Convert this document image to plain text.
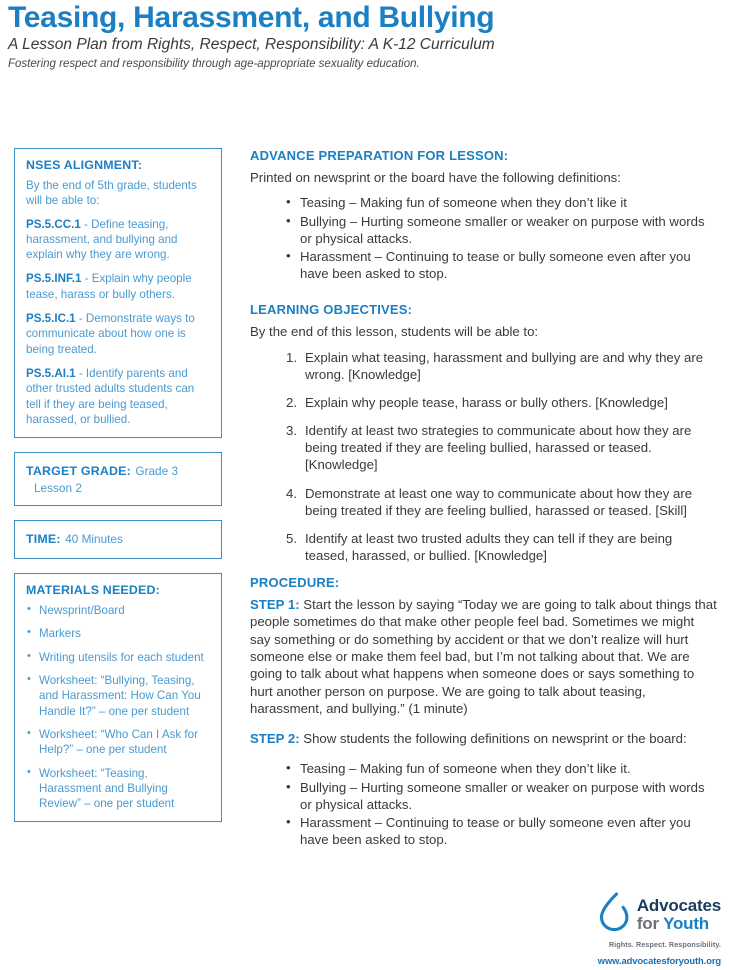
Teasing, Harassment, and Bullying
A Lesson Plan from Rights, Respect, Responsibility: A K-12 Curriculum
Fostering respect and responsibility through age-appropriate sexuality education.
NSES ALIGNMENT:
By the end of 5th grade, students will be able to:

PS.5.CC.1 - Define teasing, harassment, and bullying and explain why they are wrong.

PS.5.INF.1 - Explain why people tease, harass or bully others.

PS.5.IC.1 - Demonstrate ways to communicate about how one is being treated.

PS.5.AI.1 - Identify parents and other trusted adults students can tell if they are being teased, harassed, or bullied.

TARGET GRADE: Grade 3
Lesson 2
TIME: 40 Minutes
MATERIALS NEEDED:
• Newsprint/Board
• Markers
• Writing utensils for each student
• Worksheet: “Bullying, Teasing, and Harassment: How Can You Handle It?” – one per student
• Worksheet: “Who Can I Ask for Help?” – one per student
• Worksheet: “Teasing, Harassment and Bullying Review” – one per student
ADVANCE PREPARATION FOR LESSON:

Printed on newsprint or the board have the following definitions:

• Teasing – Making fun of someone when they don’t like it
• Bullying – Hurting someone smaller or weaker on purpose with words or physical attacks.
• Harassment – Continuing to tease or bully someone even after you have been asked to stop.
LEARNING OBJECTIVES:

By the end of this lesson, students will be able to:

Explain what teasing, harassment and bullying are and why they are wrong. [Knowledge]
Explain why people tease, harass or bully others. [Knowledge]
Identify at least two strategies to communicate about how they are being treated if they are feeling bullied, harassed or teased. [Knowledge]
Demonstrate at least one way to communicate about how they are being treated if they are feeling bullied, harassed or teased. [Skill]
Identify at least two trusted adults they can tell if they are being teased, harassed, or bullied. [Knowledge]
PROCEDURE:

STEP 1: Start the lesson by saying “Today we are going to talk about things that people sometimes do that make other people feel bad. Sometimes we might say something or do something by accident or that we don’t realize will hurt someone else or make them feel bad, but I’m not talking about that. We are going to talk about what happens when someone does or says something to hurt another person on purpose. We are going to talk about teasing, harassment, and bullying.” (1 minute)

STEP 2: Show students the following definitions on newsprint or the board:

• Teasing – Making fun of someone when they don’t like it.
• Bullying – Hurting someone smaller or weaker on purpose with words or physical attacks.
• Harassment – Continuing to tease or bully someone even after you have been asked to stop.
Advocates
for Youth
Rights. Respect. Responsibility.
www.advocatesforyouth.org
